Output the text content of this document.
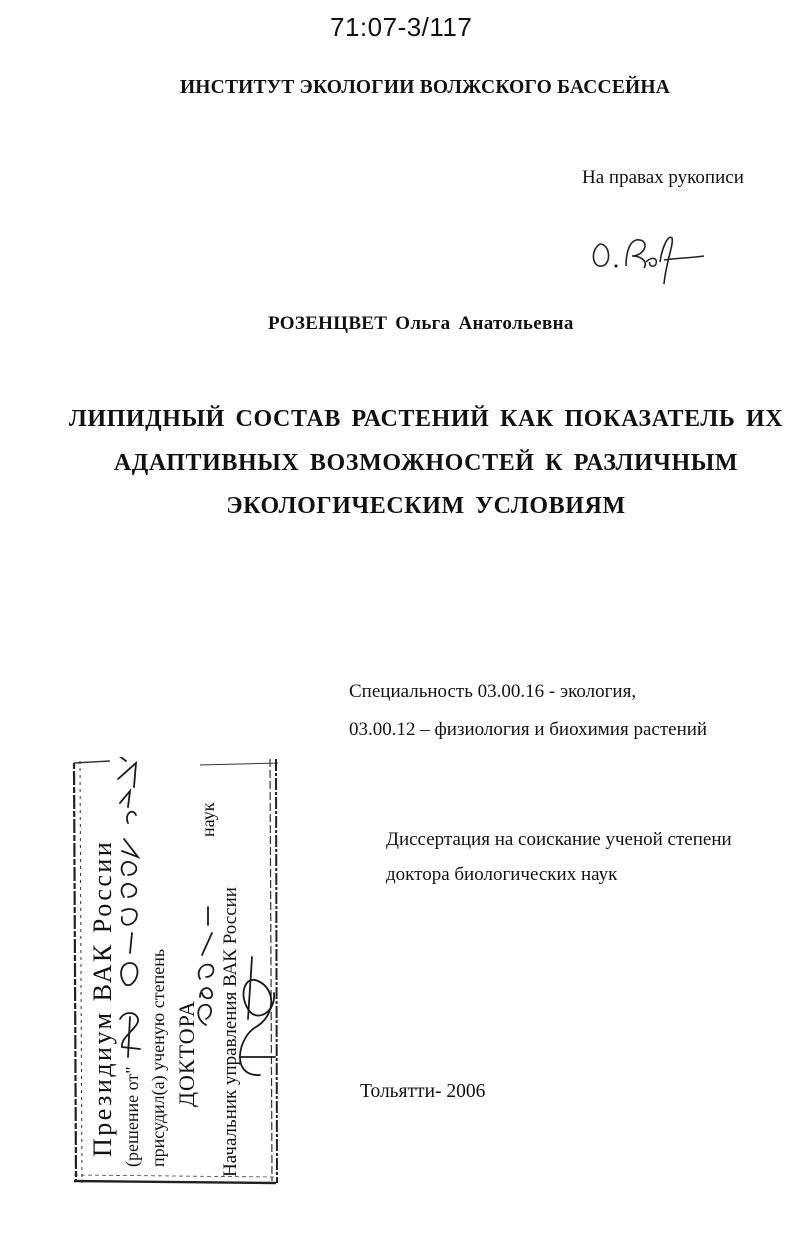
71:07-3/117
ИНСТИТУТ ЭКОЛОГИИ ВОЛЖСКОГО БАССЕЙНА
На правах рукописи
РОЗЕНЦВЕТ Ольга Анатольевна
ЛИПИДНЫЙ СОСТАВ РАСТЕНИЙ КАК ПОКАЗАТЕЛЬ ИХ
АДАПТИВНЫХ ВОЗМОЖНОСТЕЙ К РАЗЛИЧНЫМ
ЭКОЛОГИЧЕСКИМ УСЛОВИЯМ
Специальность 03.00.16 - экология,
03.00.12 – физиология и биохимия растений
Диссертация на соискание ученой степени
доктора биологических наук
Президиум ВАК России (решение от" присудил(а) ученую степень ДОКТОРА
наук
Начальник управления ВАК России	Тольятти- 2006
